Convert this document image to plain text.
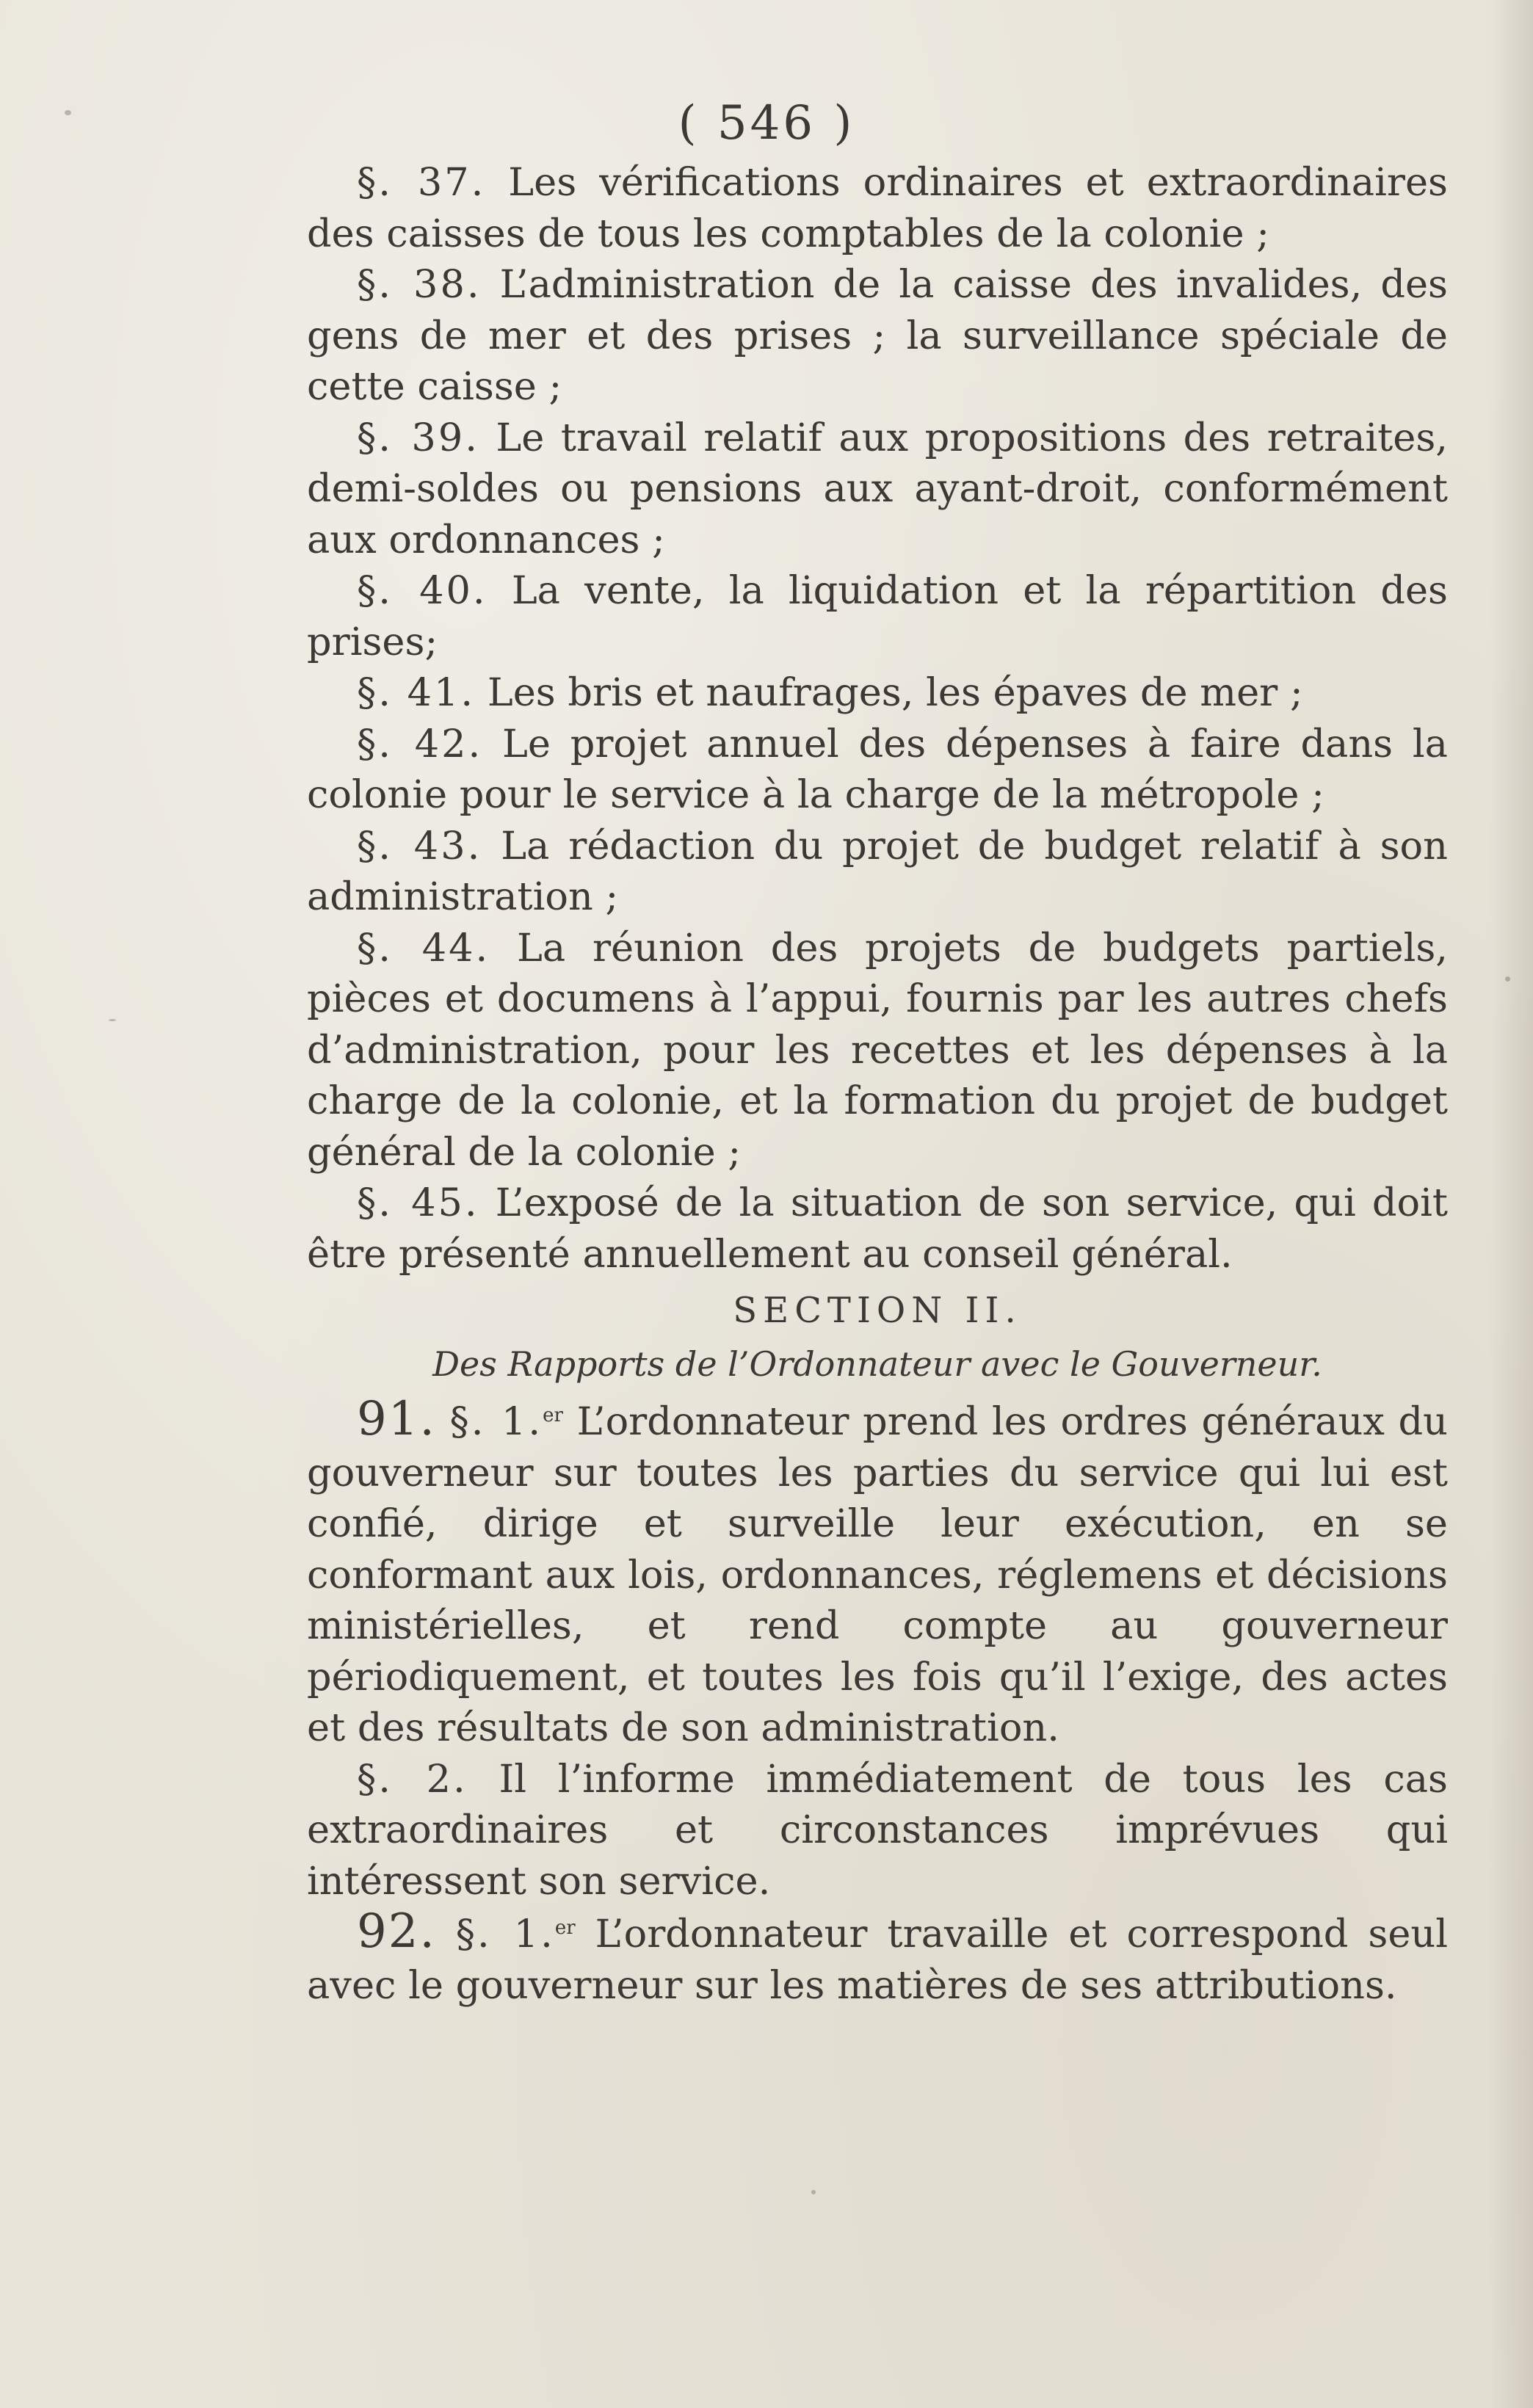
( 546 )

§. 37. Les vérifications ordinaires et extraordinaires des caisses de tous les comptables de la colonie ;

§. 38. L’administration de la caisse des invalides, des gens de mer et des prises ; la surveillance spéciale de cette caisse ;

§. 39. Le travail relatif aux propositions des retraites, demi-soldes ou pensions aux ayant-droit, conformément aux ordonnances ;

§. 40. La vente, la liquidation et la répartition des prises;

§. 41. Les bris et naufrages, les épaves de mer ;

§. 42. Le projet annuel des dépenses à faire dans la colonie pour le service à la charge de la métropole ;

§. 43. La rédaction du projet de budget relatif à son administration ;

§. 44. La réunion des projets de budgets partiels, pièces et documens à l’appui, fournis par les autres chefs d’administration, pour les recettes et les dépenses à la charge de la colonie, et la formation du projet de budget général de la colonie ;

§. 45. L’exposé de la situation de son service, qui doit être présenté annuellement au conseil général.

SECTION II.

Des Rapports de l’Ordonnateur avec le Gouverneur.

91. §. 1.$^{er}$ L’ordonnateur prend les ordres généraux du gouverneur sur toutes les parties du service qui lui est confié, dirige et surveille leur exécution, en se conformant aux lois, ordonnances, réglemens et décisions ministérielles, et rend compte au gouverneur périodiquement, et toutes les fois qu’il l’exige, des actes et des résultats de son administration.

§. 2. Il l’informe immédiatement de tous les cas extraordinaires et circonstances imprévues qui intéressent son service.

92. §. 1.$^{er}$ L’ordonnateur travaille et correspond seul avec le gouverneur sur les matières de ses attributions.
